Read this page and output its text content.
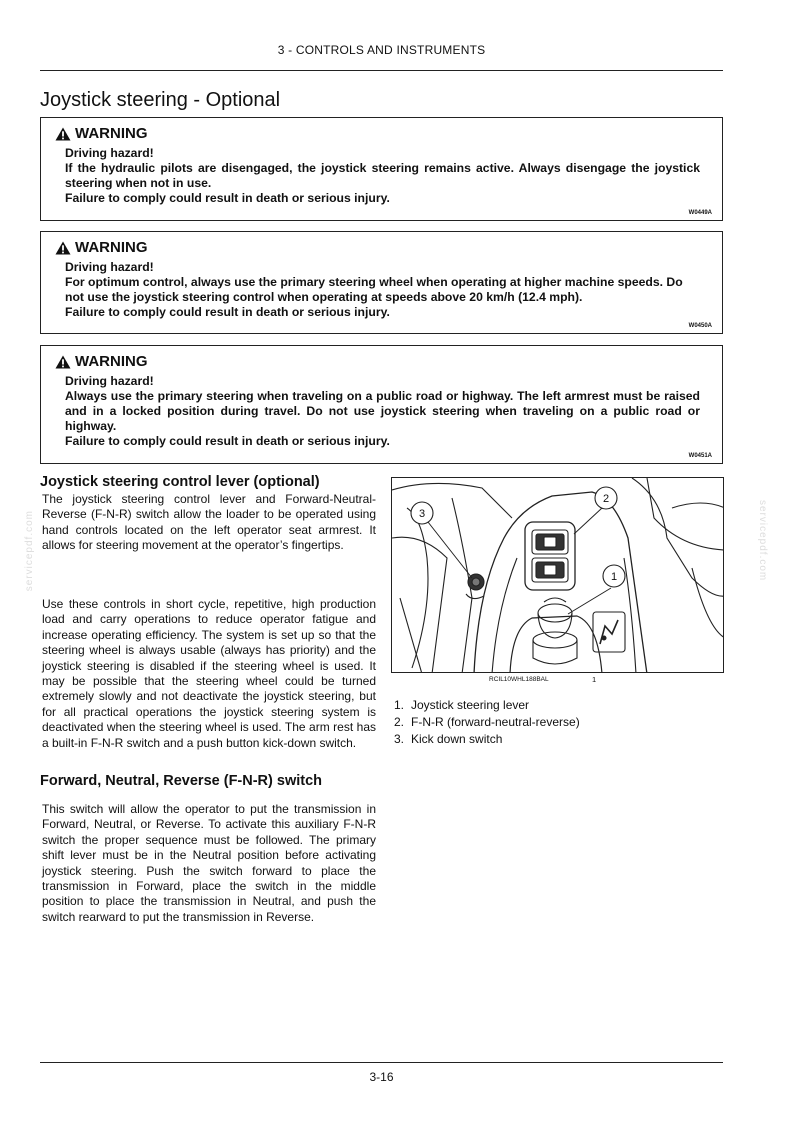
3 - CONTROLS AND INSTRUMENTS
Joystick steering - Optional
WARNING
Driving hazard!
If the hydraulic pilots are disengaged, the joystick steering remains active. Always disengage the joystick steering when not in use.
Failure to comply could result in death or serious injury.
W0449A
WARNING
Driving hazard!
For optimum control, always use the primary steering wheel when operating at higher machine speeds. Do not use the joystick steering control when operating at speeds above 20 km/h (12.4 mph).
Failure to comply could result in death or serious injury.
W0450A
WARNING
Driving hazard!
Always use the primary steering when traveling on a public road or highway. The left armrest must be raised and in a locked position during travel. Do not use joystick steering when traveling on a public road or highway.
Failure to comply could result in death or serious injury.
W0451A
Joystick steering control lever (optional)

The joystick steering control lever and Forward-Neutral-Reverse (F-N-R) switch allow the loader to be operated using hand controls located on the left operator seat armrest. It allows for steering movement at the operator’s fingertips.

Use these controls in short cycle, repetitive, high production load and carry operations to reduce operator fatigue and increase operating efficiency. The system is set up so that the steering wheel is always usable (always has priority) and the joystick steering is disabled if the steering wheel is used. It may be possible that the steering wheel could be turned extremely slowly and not deactivate the joystick steering, but for all practical operations the joystick steering system is deactivated when the steering wheel is used. The arm rest has a built-in F-N-R switch and a push button kick-down switch.

Forward, Neutral, Reverse (F-N-R) switch

This switch will allow the operator to put the transmission in Forward, Neutral, or Reverse. To activate this auxiliary F-N-R switch the proper sequence must be followed. The primary shift lever must be in the Neutral position before activating joystick steering. Push the switch forward to place the transmission in Forward, place the switch in the middle position to place the transmission in Neutral, and push the switch rearward to put the transmission in Reverse.

servicepdf.com	servicepdf.com
3
2
1
RCIL10WHL188BAL	1
1. Joystick steering lever
2. F-N-R (forward-neutral-reverse)
3. Kick down switch
3-16
